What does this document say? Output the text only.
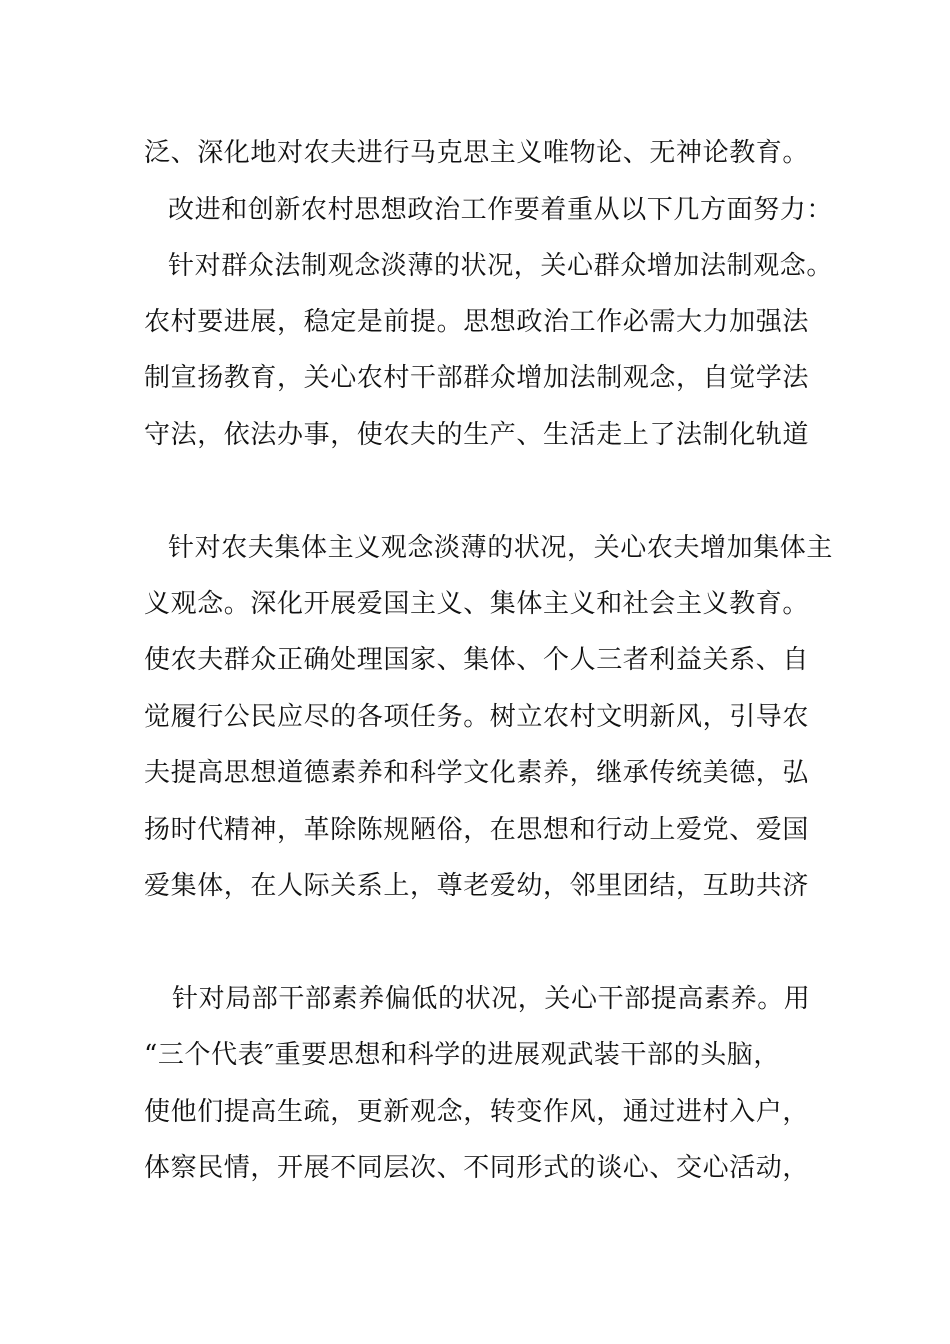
泛、深化地对农夫进行马克思主义唯物论、无神论教育。
改进和创新农村思想政治工作要着重从以下几方面努力：
针对群众法制观念淡薄的状况，关心群众增加法制观念。
农村要进展，稳定是前提。思想政治工作必需大力加强法
制宣扬教育，关心农村干部群众增加法制观念，自觉学法
守法，依法办事，使农夫的生产、生活走上了法制化轨道
针对农夫集体主义观念淡薄的状况，关心农夫增加集体主
义观念。深化开展爱国主义、集体主义和社会主义教育。
使农夫群众正确处理国家、集体、个人三者利益关系、自
觉履行公民应尽的各项任务。树立农村文明新风，引导农
夫提高思想道德素养和科学文化素养，继承传统美德，弘
扬时代精神，革除陈规陋俗，在思想和行动上爱党、爱国
爱集体，在人际关系上，尊老爱幼，邻里团结，互助共济
针对局部干部素养偏低的状况，关心干部提高素养。用
“三个代表″重要思想和科学的进展观武装干部的头脑，
使他们提高生疏，更新观念，转变作风，通过进村入户，
体察民情，开展不同层次、不同形式的谈心、交心活动，
